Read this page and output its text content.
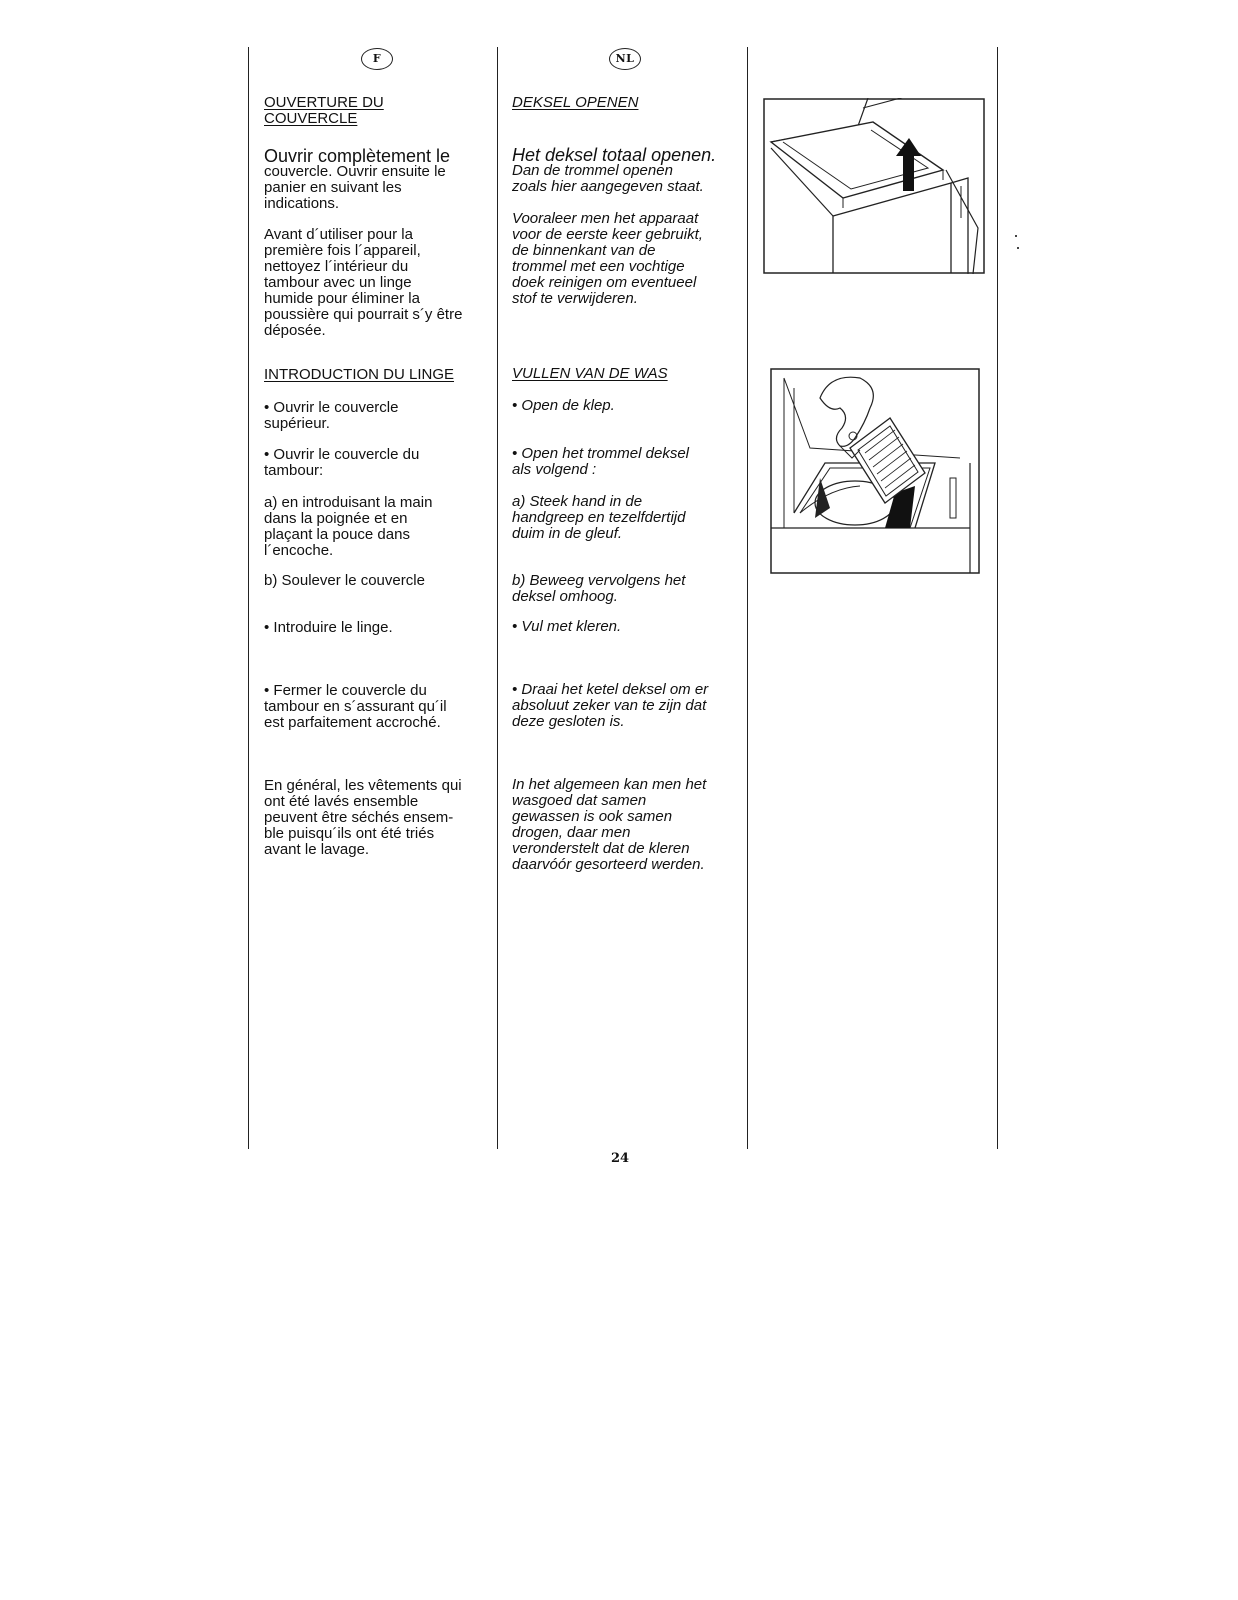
F

OUVERTURE DU
COUVERCLE

Ouvrir complètement le

couvercle. Ouvrir ensuite le
panier en suivant les
indications.

Avant d´utiliser pour la
première fois l´appareil,
nettoyez l´intérieur du
tambour avec un linge
humide pour éliminer la
poussière qui pourrait s´y être
déposée.

INTRODUCTION DU LINGE

• Ouvrir le couvercle
supérieur.

• Ouvrir le couvercle du
tambour:

a) en introduisant la main
dans la poignée et en
plaçant la pouce dans
l´encoche.

b) Soulever le couvercle

• Introduire le linge.

• Fermer le couvercle du
tambour en s´assurant qu´il
est parfaitement accroché.

En général, les vêtements qui
ont été lavés ensemble
peuvent être séchés ensem-
ble puisqu´ils ont été triés
avant le lavage.

NL

DEKSEL OPENEN

Het deksel totaal openen.

Dan de trommel openen
zoals hier aangegeven staat.

Vooraleer men het apparaat
voor de eerste keer gebruikt,
de binnenkant van de
trommel met een vochtige
doek reinigen om eventueel
stof te verwijderen.

VULLEN VAN DE WAS

• Open de klep.

• Open het trommel deksel
als volgend :

a) Steek hand in de
handgreep en tezelfdertijd
duim in de gleuf.

b) Beweeg vervolgens het
deksel omhoog.

• Vul met kleren.

• Draai het ketel deksel om er
absoluut zeker van te zijn dat
deze gesloten is.

In het algemeen kan men het
wasgoed dat samen
gewassen is ook samen
drogen, daar men
veronderstelt dat de kleren
daarvóór gesorteerd werden.

24
